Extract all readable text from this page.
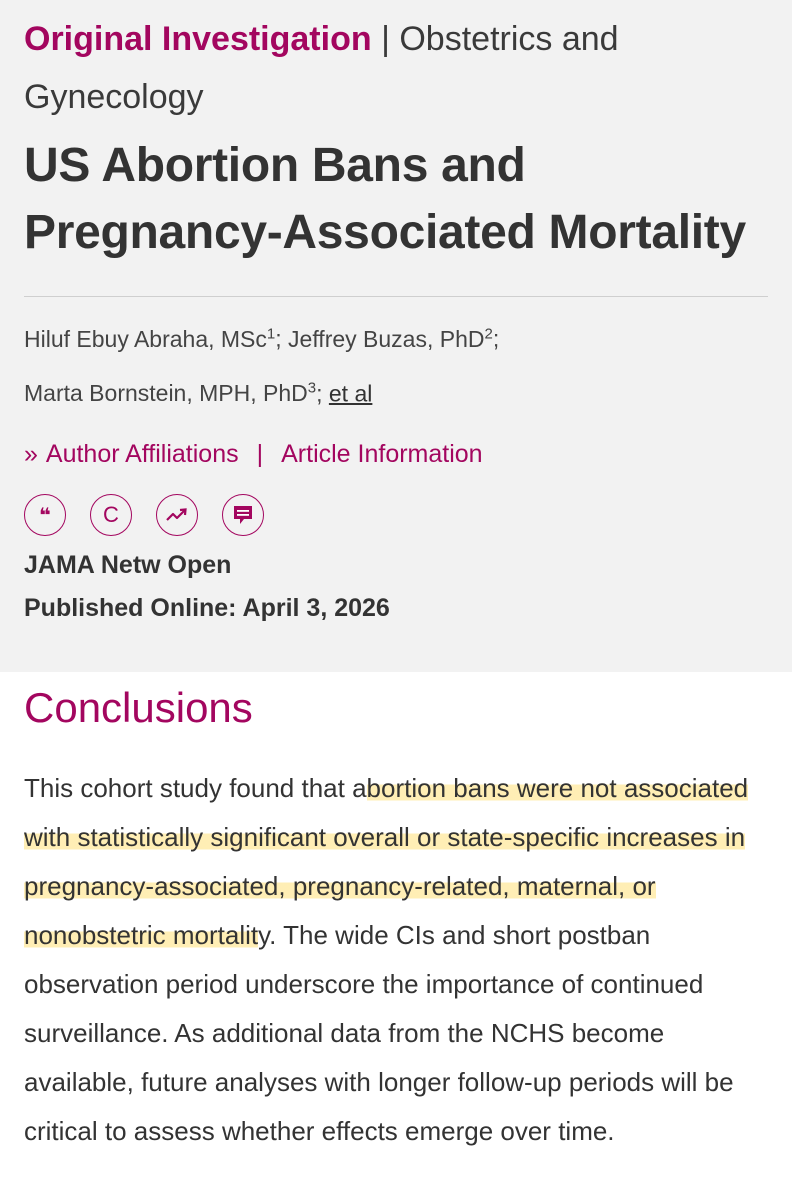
Original Investigation | Obstetrics and Gynecology

US Abortion Bans and Pregnancy-Associated Mortality
Hiluf Ebuy Abraha, MSc$^1$; Jeffrey Buzas, PhD$^2$;
Marta Bornstein, MPH, PhD$^3$; et al
» Author Affiliations | Article Information
❝ C
JAMA Netw Open
Published Online: April 3, 2026
Conclusions

This cohort study found that abortion bans were not associated with statistically significant overall or state-specific increases in pregnancy-associated, pregnancy-related, maternal, or nonobstetric mortality. The wide CIs and short postban observation period underscore the importance of continued surveillance. As additional data from the NCHS become available, future analyses with longer follow-up periods will be critical to assess whether effects emerge over time.
